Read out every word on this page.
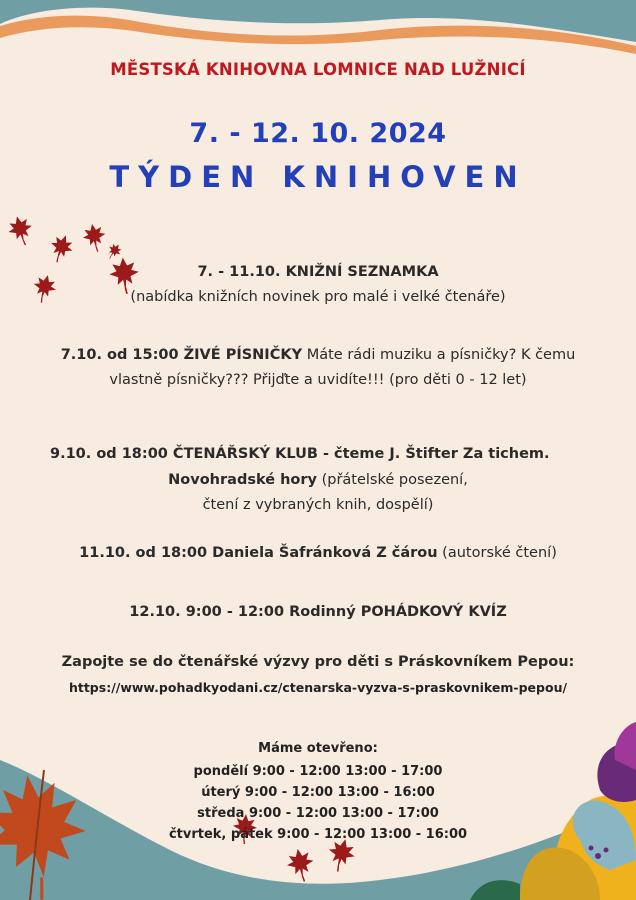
MĚSTSKÁ KNIHOVNA LOMNICE NAD LUŽNICÍ
7. - 12. 10. 2024
TÝDEN KNIHOVEN
7. - 11.10. KNIŽNÍ SEZNAMKA
(nabídka knižních novinek pro malé i velké čtenáře)
7.10. od 15:00 ŽIVÉ PÍSNIČKY Máte rádi muziku a písničky? K čemu
vlastně písničky??? Přijďte a uvidíte!!! (pro děti 0 - 12 let)
9.10. od 18:00 ČTENÁŘSKÝ KLUB - čteme J. Štifter Za tichem.
Novohradské hory (přátelské posezení,
čtení z vybraných knih, dospělí)
11.10. od 18:00 Daniela Šafránková Z čárou (autorské čtení)
12.10. 9:00 - 12:00 Rodinný POHÁDKOVÝ KVÍZ
Zapojte se do čtenářské výzvy pro děti s Práskovníkem Pepou:
https://www.pohadkyodani.cz/ctenarska-vyzva-s-praskovnikem-pepou/
Máme otevřeno:
pondělí 9:00 - 12:00 13:00 - 17:00
úterý 9:00 - 12:00 13:00 - 16:00
středa 9:00 - 12:00 13:00 - 17:00
čtvrtek, pátek 9:00 - 12:00 13:00 - 16:00
